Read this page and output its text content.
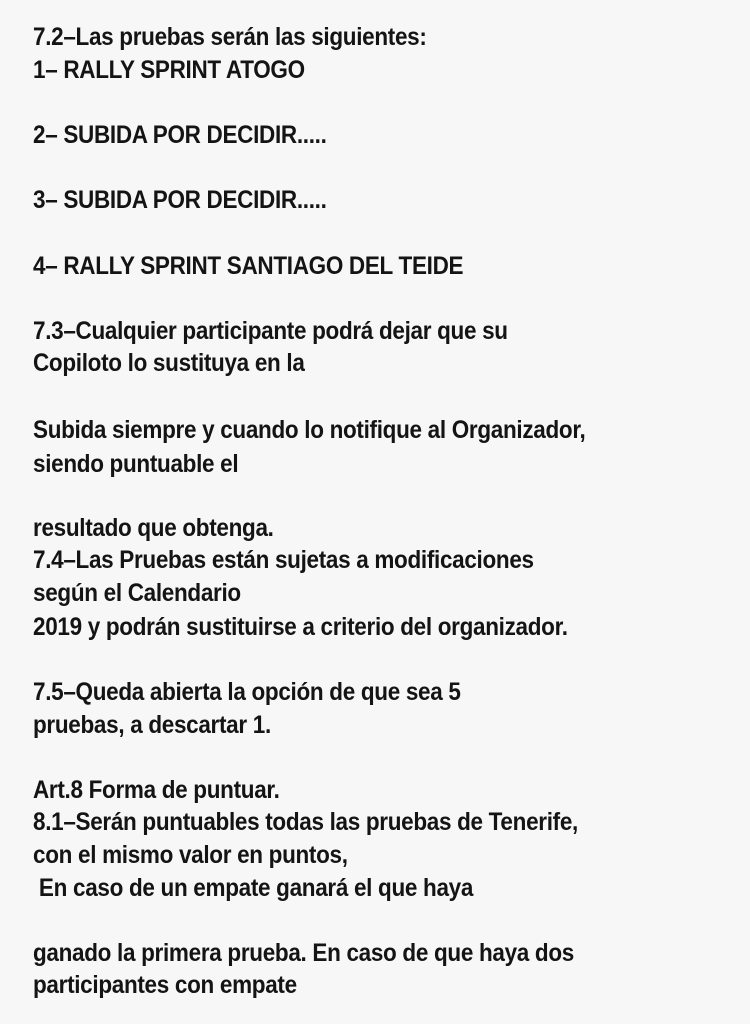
7.2–Las pruebas serán las siguientes:

1– RALLY SPRINT ATOGO

2– SUBIDA POR DECIDIR.....

3– SUBIDA POR DECIDIR.....

4– RALLY SPRINT SANTIAGO DEL TEIDE

7.3–Cualquier participante podrá dejar que su

Copiloto lo sustituya en la

Subida siempre y cuando lo notifique al Organizador,

siendo puntuable el

resultado que obtenga.

7.4–Las Pruebas están sujetas a modificaciones

según el Calendario

2019 y podrán sustituirse a criterio del organizador.

7.5–Queda abierta la opción de que sea 5

pruebas, a descartar 1.

Art.8 Forma de puntuar.

8.1–Serán puntuables todas las pruebas de Tenerife,

con el mismo valor en puntos,

En caso de un empate ganará el que haya

ganado la primera prueba. En caso de que haya dos

participantes con empate
